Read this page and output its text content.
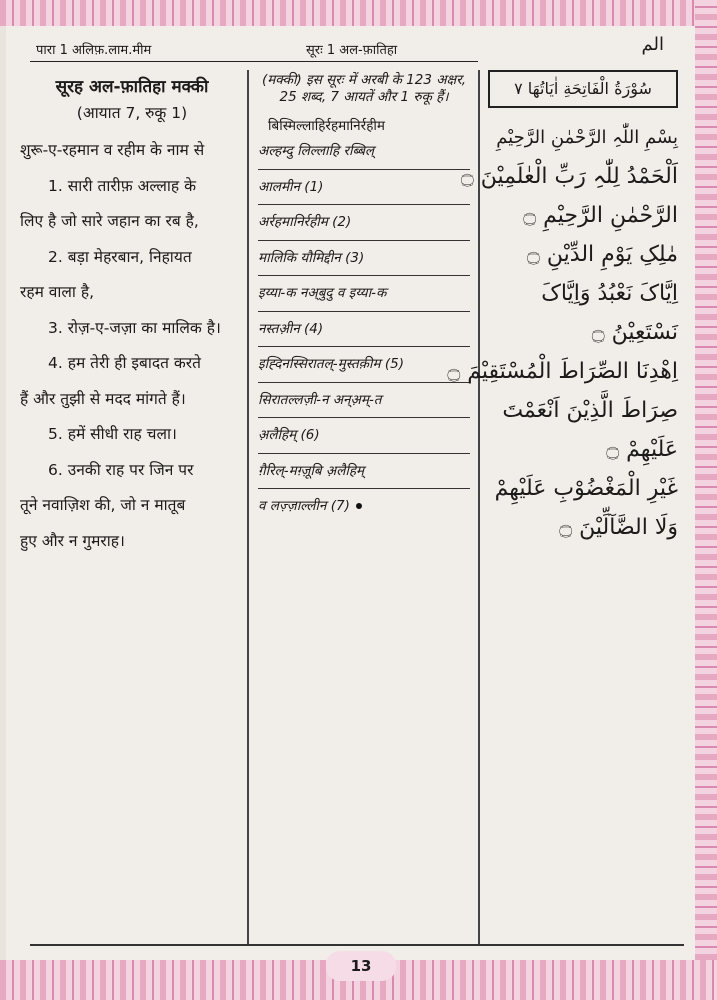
पारा 1 अलिफ़.लाम.मीम	सूरः 1 अल-फ़ातिहा	الم
सूरह अल-फ़ातिहा मक्की
(आयात 7, रुकू 1)
शुरू-ए-रहमान व रहीम के नाम से
1. सारी तारीफ़ अल्लाह के
लिए है जो सारे जहान का रब है,
2. बड़ा मेहरबान, निहायत
रहम वाला है,
3. रोज़-ए-जज़ा का मालिक है।
4. हम तेरी ही इबादत करते
हैं और तुझी से मदद मांगते हैं।
5. हमें सीधी राह चला।
6. उनकी राह पर जिन पर
तूने नवाज़िश की, जो न मातूब
हुए और न गुमराह।
(मक्की) इस सूरः में अरबी के 123 अक्षर, 25 शब्द, 7 आयतें और 1 रुकू हैं।
बिस्मिल्लाहिर्रहमानिर्रहीम
अल्हम्दु लिल्लाहि रब्बिल्
आलमीन (1)
अर्रहमानिर्रहीम (2)
मालिकि यौमिद्दीन (3)
इय्या-क नअ्बुदु व इय्या-क
नस्तअ़ीन (4)
इह्दिनस्सिरातल्-मुस्तक़ीम (5)
सिरातल्लज़ी-न अन्अ़म्-त
अ़लैहिम् (6)
ग़ैरिल्-मग़्ज़ूबि अ़लैहिम्
व लज़्ज़ाल्लीन (7)
سُوْرَةُ الْفَاتِحَةِ اٰیَاتُھَا ٧
بِسْمِ اللّٰہِ الرَّحْمٰنِ الرَّحِیْمِ
اَلْحَمْدُ لِلّٰہِ رَبِّ الْعٰلَمِیْنَ ۝
الرَّحْمٰنِ الرَّحِیْمِ ۝
مٰلِکِ یَوْمِ الدِّیْنِ ۝
اِیَّاکَ نَعْبُدُ وَاِیَّاکَ
نَسْتَعِیْنُ ۝
اِھْدِنَا الصِّرَاطَ الْمُسْتَقِیْمَ ۝
صِرَاطَ الَّذِیْنَ اَنْعَمْتَ
عَلَیْھِمْ ۝
غَیْرِ الْمَغْضُوْبِ عَلَیْھِمْ
وَلَا الضَّآلِّیْنَ ۝
13
